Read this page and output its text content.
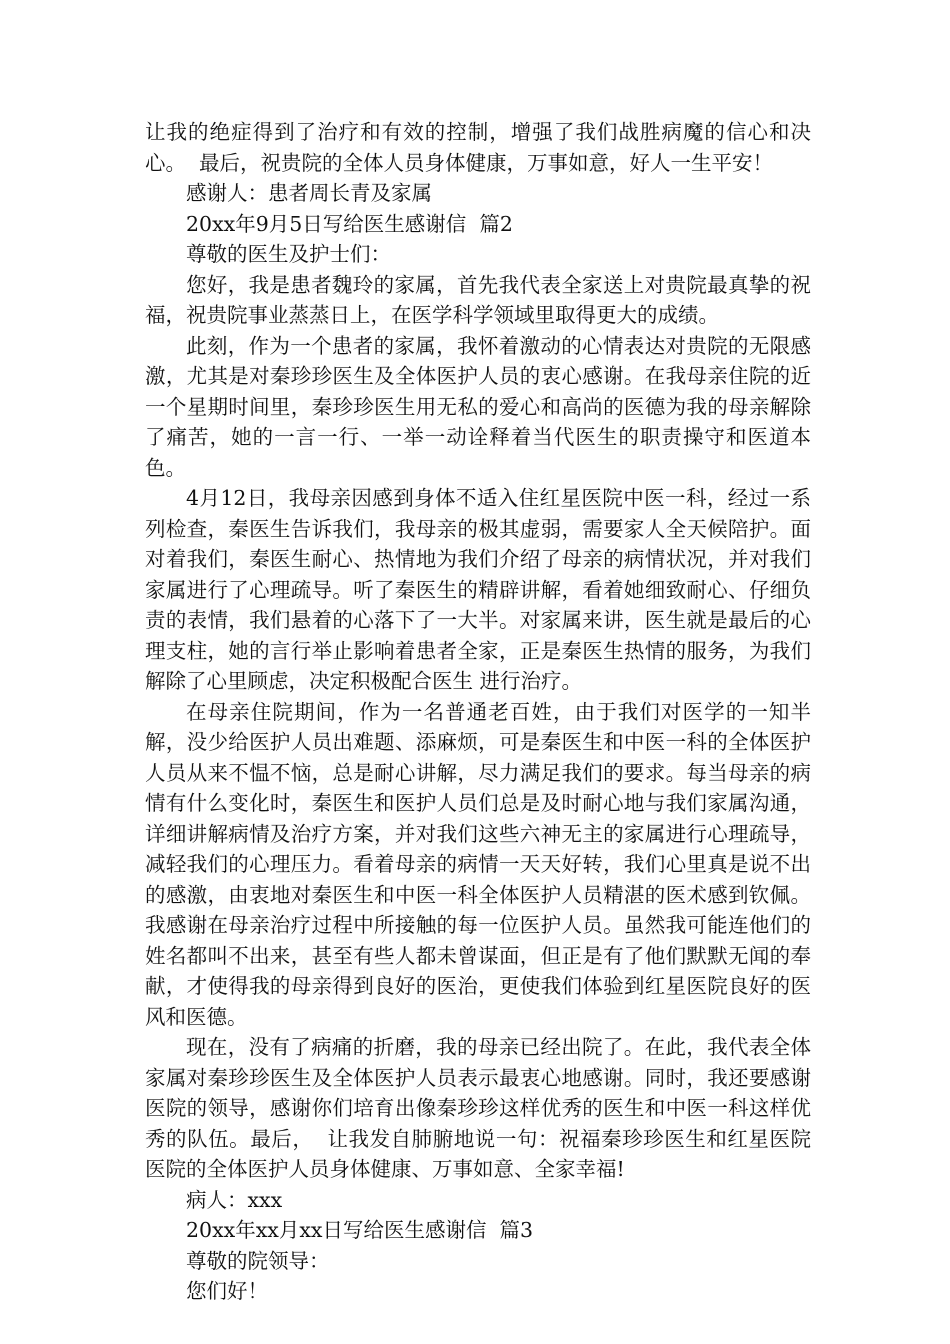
让我的绝症得到了治疗和有效的控制，增强了我们战胜病魔的信心和决心。  最后，祝贵院的全体人员身体健康，万事如意，好人一生平安！

感谢人：患者周长青及家属

20xx年9月5日写给医生感谢信  篇2

尊敬的医生及护士们：

您好，我是患者魏玲的家属，首先我代表全家送上对贵院最真挚的祝福，祝贵院事业蒸蒸日上，在医学科学领域里取得更大的成绩。

此刻，作为一个患者的家属，我怀着激动的心情表达对贵院的无限感激，尤其是对秦珍珍医生及全体医护人员的衷心感谢。在我母亲住院的近一个星期时间里，秦珍珍医生用无私的爱心和高尚的医德为我的母亲解除了痛苦，她的一言一行、一举一动诠释着当代医生的职责操守和医道本色。

4月12日，我母亲因感到身体不适入住红星医院中医一科，经过一系列检查，秦医生告诉我们，我母亲的极其虚弱，需要家人全天候陪护。面对着我们，秦医生耐心、热情地为我们介绍了母亲的病情状况，并对我们家属进行了心理疏导。听了秦医生的精辟讲解，看着她细致耐心、仔细负责的表情，我们悬着的心落下了一大半。对家属来讲，医生就是最后的心理支柱，她的言行举止影响着患者全家，正是秦医生热情的服务，为我们解除了心里顾虑，决定积极配合医生 进行治疗。

在母亲住院期间，作为一名普通老百姓，由于我们对医学的一知半解，没少给医护人员出难题、添麻烦，可是秦医生和中医一科的全体医护人员从来不愠不恼，总是耐心讲解，尽力满足我们的要求。每当母亲的病情有什么变化时，秦医生和医护人员们总是及时耐心地与我们家属沟通，详细讲解病情及治疗方案，并对我们这些六神无主的家属进行心理疏导，减轻我们的心理压力。看着母亲的病情一天天好转，我们心里真是说不出的感激，由衷地对秦医生和中医一科全体医护人员精湛的医术感到钦佩。我感谢在母亲治疗过程中所接触的每一位医护人员。虽然我可能连他们的姓名都叫不出来，甚至有些人都未曾谋面，但正是有了他们默默无闻的奉献，才使得我的母亲得到良好的医治，更使我们体验到红星医院良好的医风和医德。

现在，没有了病痛的折磨，我的母亲已经出院了。在此，我代表全体家属对秦珍珍医生及全体医护人员表示最衷心地感谢。同时，我还要感谢医院的领导，感谢你们培育出像秦珍珍这样优秀的医生和中医一科这样优秀的队伍。最后，  让我发自肺腑地说一句：祝福秦珍珍医生和红星医院医院的全体医护人员身体健康、万事如意、全家幸福!

病人：xxx

20xx年xx月xx日写给医生感谢信  篇3

尊敬的院领导：

您们好！
